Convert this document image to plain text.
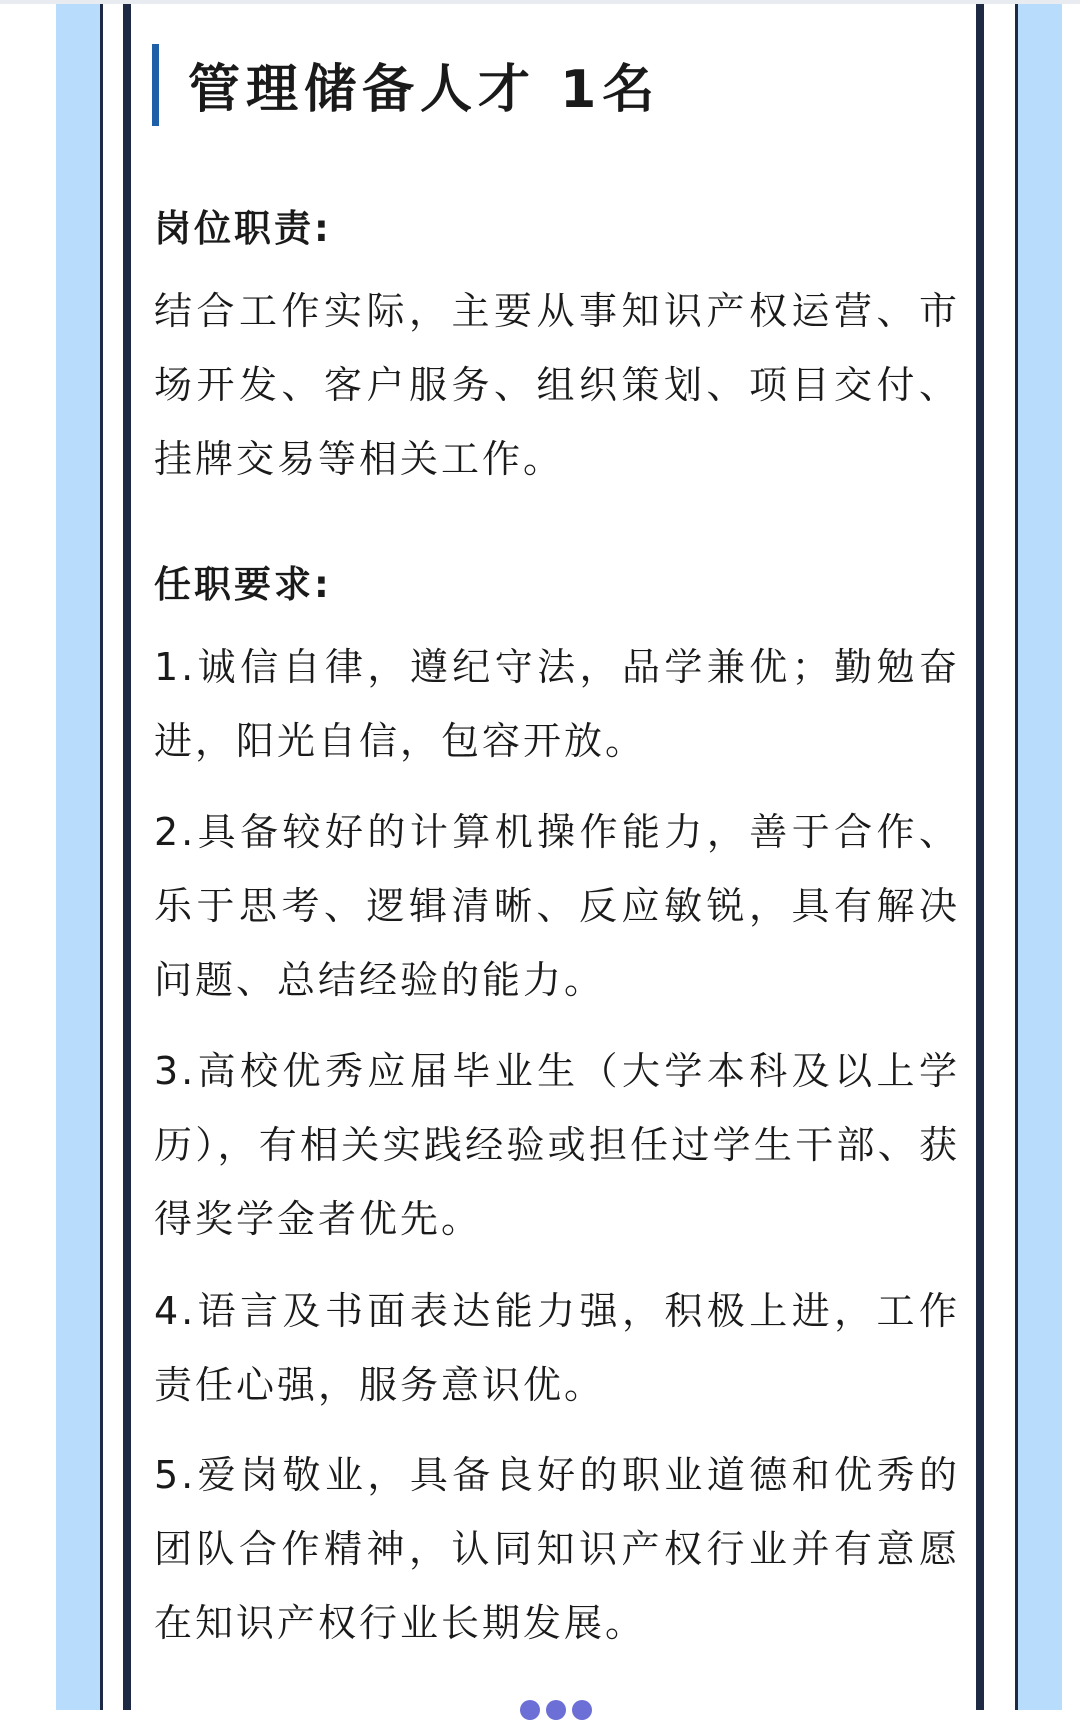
管理储备人才 1名
岗位职责:

结合工作实际，主要从事知识产权运营、市场开发、客户服务、组织策划、项目交付、挂牌交易等相关工作。

任职要求:

1.诚信自律，遵纪守法，品学兼优；勤勉奋进，阳光自信，包容开放。

2.具备较好的计算机操作能力，善于合作、乐于思考、逻辑清晰、反应敏锐，具有解决问题、总结经验的能力。

3.高校优秀应届毕业生（大学本科及以上学历），有相关实践经验或担任过学生干部、获得奖学金者优先。

4.语言及书面表达能力强，积极上进，工作责任心强，服务意识优。

5.爱岗敬业，具备良好的职业道德和优秀的团队合作精神，认同知识产权行业并有意愿在知识产权行业长期发展。
